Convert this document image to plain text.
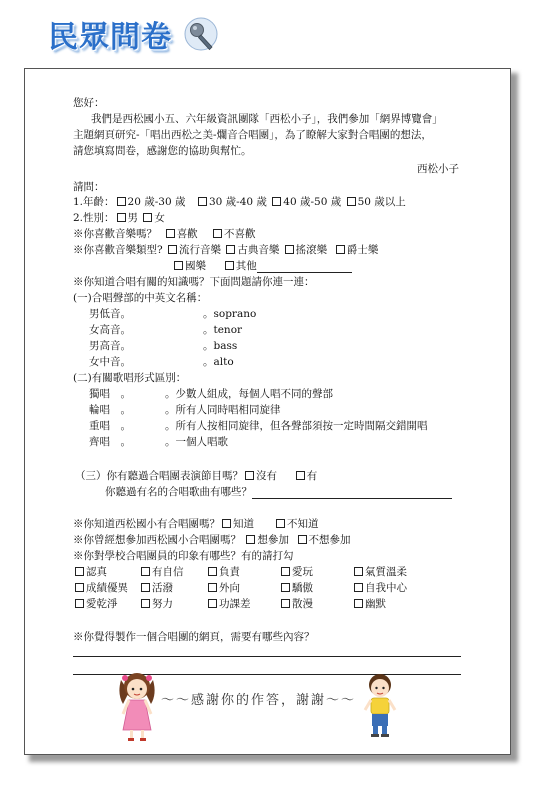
民眾問卷
您好：
我們是西松國小五、六年級資訊團隊「西松小子」，我們參加「網界博覽會」
主題網頁研究-「唱出西松之美-爛音合唱團」，為了瞭解大家對合唱團的想法，
請您填寫問卷，感謝您的協助與幫忙。
西松小子
請問：
1.年齡： 20 歲-30 歲　 30 歲-40 歲 40 歲-50 歲 50 歲以上
2.性別： 男 女
※你喜歡音樂嗎？ 喜歡	不喜歡
※你喜歡音樂類型? 流行音樂 古典音樂 搖滾樂 爵士樂
國樂	其他
※你知道合唱有關的知識嗎？下面問題請你連一連：
(一)合唱聲部的中英文名稱：
男低音。	。soprano
女高音。	。tenor
男高音。	。bass
女中音。	。alto
(二)有關歌唱形式區別：
獨唱　。	。少數人組成，每個人唱不同的聲部
輪唱　。	。所有人同時唱相同旋律
重唱　。	。所有人按相同旋律，但各聲部須按一定時間隔交錯開唱
齊唱　。	。一個人唱歌
（三）你有聽過合唱團表演節目嗎？ 沒有	有
你聽過有名的合唱歌曲有哪些？
※你知道西松國小有合唱團嗎？ 知道	不知道
※你曾經想參加西松國小合唱團嗎？ 想參加 不想參加
※你對學校合唱團員的印象有哪些？有的請打勾
認真	有自信	負責	愛玩	氣質溫柔
成績優異	活潑	外向	驕傲	自我中心
愛乾淨	努力	功課差	散漫	幽默
※你覺得製作一個合唱團的網頁，需要有哪些內容？
～～感謝你的作答，謝謝～～
